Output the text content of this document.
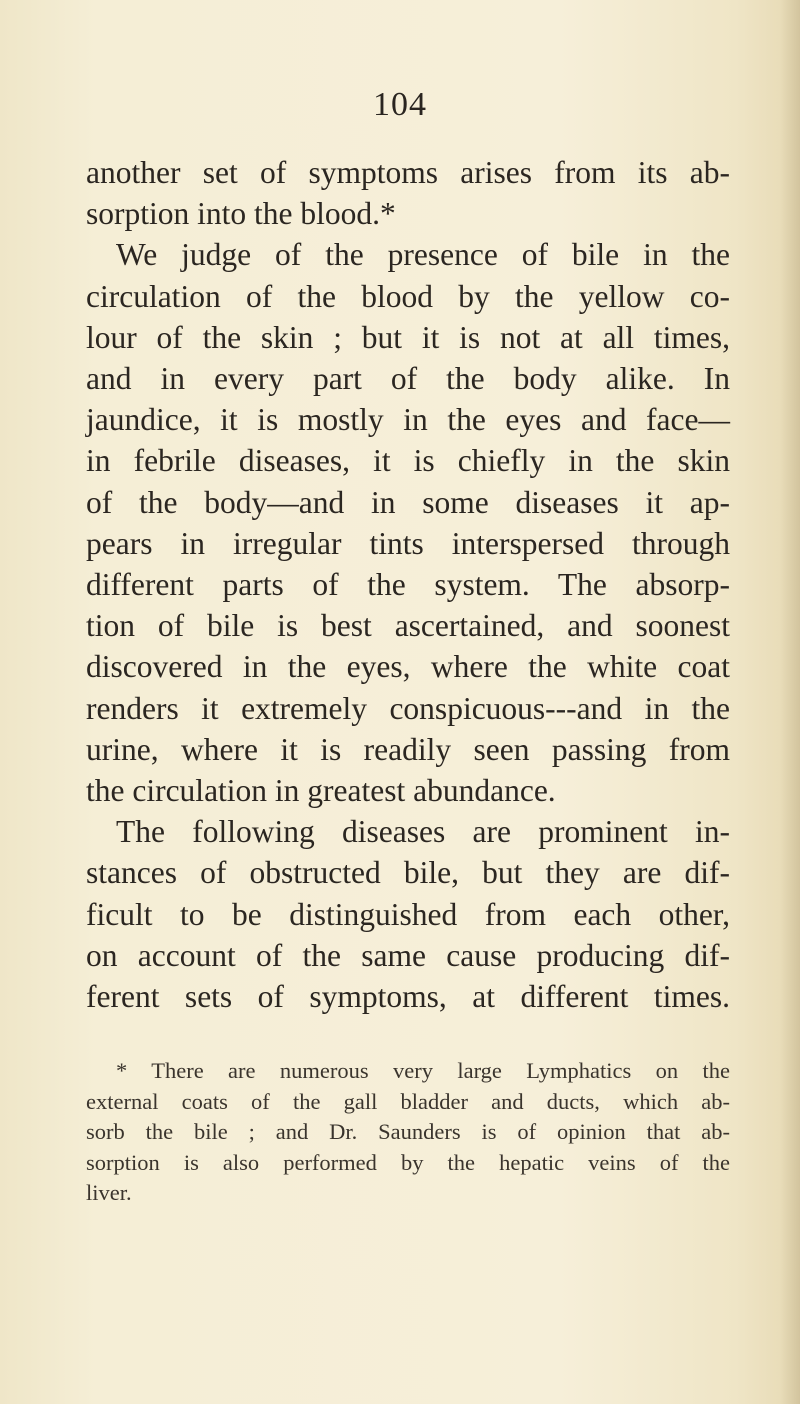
104
another set of symptoms arises from its ab-
sorption into the blood.*
We judge of the presence of bile in the
circulation of the blood by the yellow co-
lour of the skin ; but it is not at all times,
and in every part of the body alike. In
jaundice, it is mostly in the eyes and face—
in febrile diseases, it is chiefly in the skin
of the body—and in some diseases it ap-
pears in irregular tints interspersed through
different parts of the system. The absorp-
tion of bile is best ascertained, and soonest
discovered in the eyes, where the white coat
renders it extremely conspicuous---and in the
urine, where it is readily seen passing from
the circulation in greatest abundance.
The following diseases are prominent in-
stances of obstructed bile, but they are dif-
ficult to be distinguished from each other,
on account of the same cause producing dif-
ferent sets of symptoms, at different times.
* There are numerous very large Lymphatics on the
external coats of the gall bladder and ducts, which ab-
sorb the bile ; and Dr. Saunders is of opinion that ab-
sorption is also performed by the hepatic veins of the
liver.
